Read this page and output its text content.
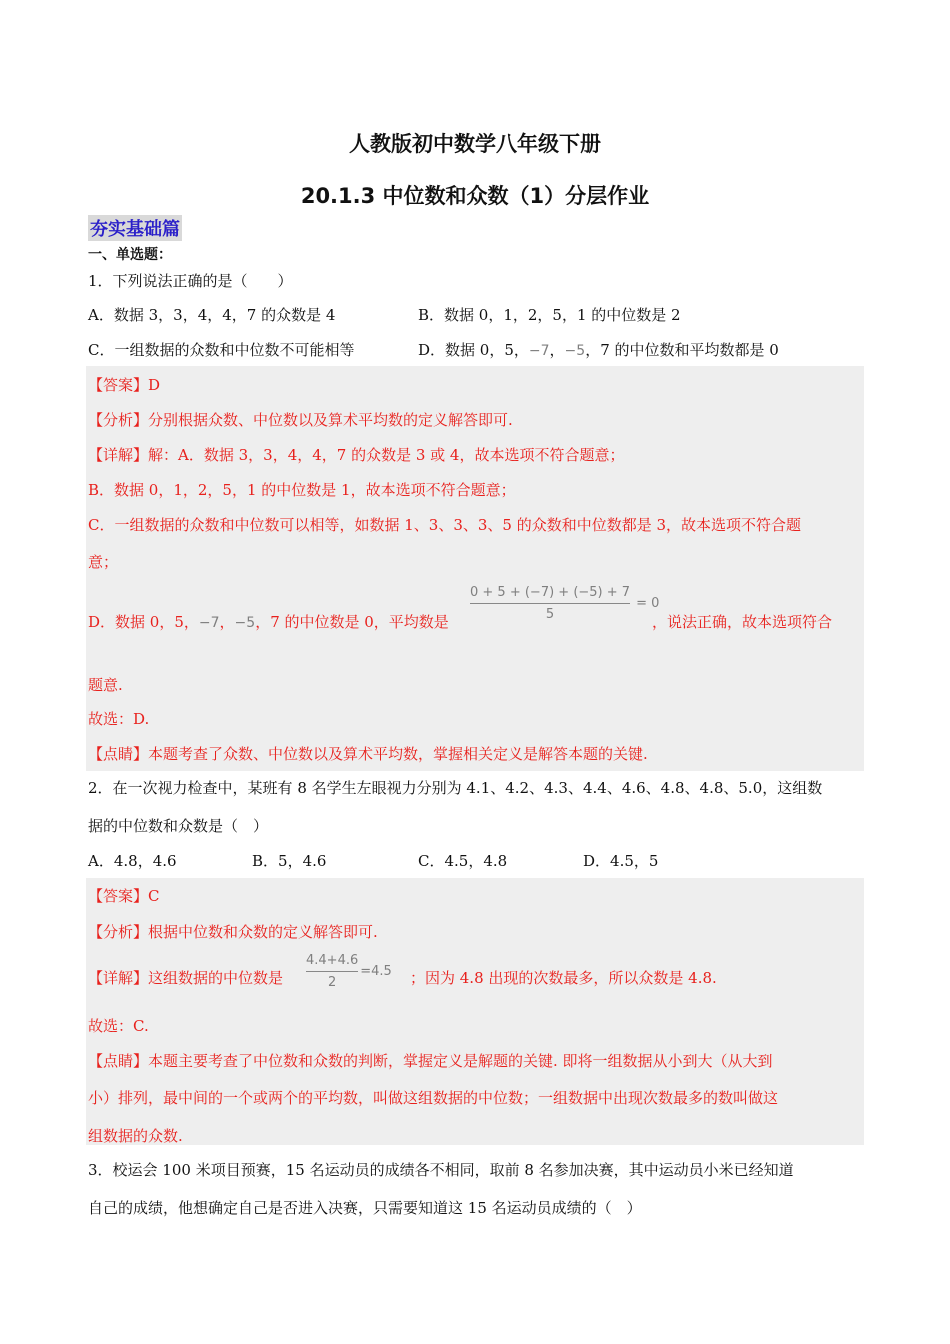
人教版初中数学八年级下册
20.1.3 中位数和众数（1）分层作业
夯实基础篇
一、单选题：
1．下列说法正确的是（　　）
A．数据 3，3，4，4，7 的众数是 4	B．数据 0，1，2，5，1 的中位数是 2
C．一组数据的众数和中位数不可能相等	D．数据 0，5，−7，−5，7 的中位数和平均数都是 0
【答案】D
【分析】分别根据众数、中位数以及算术平均数的定义解答即可.
【详解】解：A．数据 3，3，4，4，7 的众数是 3 或 4，故本选项不符合题意；
B．数据 0，1，2，5，1 的中位数是 1，故本选项不符合题意；
C．一组数据的众数和中位数可以相等，如数据 1、3、3、3、5 的众数和中位数都是 3，故本选项不符合题
意；
D．数据 0，5，−7，−5，7 的中位数是 0，平均数是 $\frac{0 + 5 + (-7) + (-5) + 7}{5} = 0$
，说法正确，故本选项符合
题意.
故选：D.
【点睛】本题考查了众数、中位数以及算术平均数，掌握相关定义是解答本题的关键.
2．在一次视力检查中，某班有 8 名学生左眼视力分别为 4.1、4.2、4.3、4.4、4.6、4.8、4.8、5.0，这组数
据的中位数和众数是（　）
A．4.8，4.6	B．5，4.6	C．4.5，4.8	D．4.5，5
【答案】C
【分析】根据中位数和众数的定义解答即可.
【详解】这组数据的中位数是 $\frac{4.4+4.6}{2} =4.5$ ；因为 4.8 出现的次数最多，所以众数是 4.8.
故选：C.
【点睛】本题主要考查了中位数和众数的判断，掌握定义是解题的关键. 即将一组数据从小到大（从大到
小）排列，最中间的一个或两个的平均数，叫做这组数据的中位数；一组数据中出现次数最多的数叫做这
组数据的众数.
3．校运会 100 米项目预赛，15 名运动员的成绩各不相同，取前 8 名参加决赛，其中运动员小米已经知道
自己的成绩，他想确定自己是否进入决赛，只需要知道这 15 名运动员成绩的（　）
